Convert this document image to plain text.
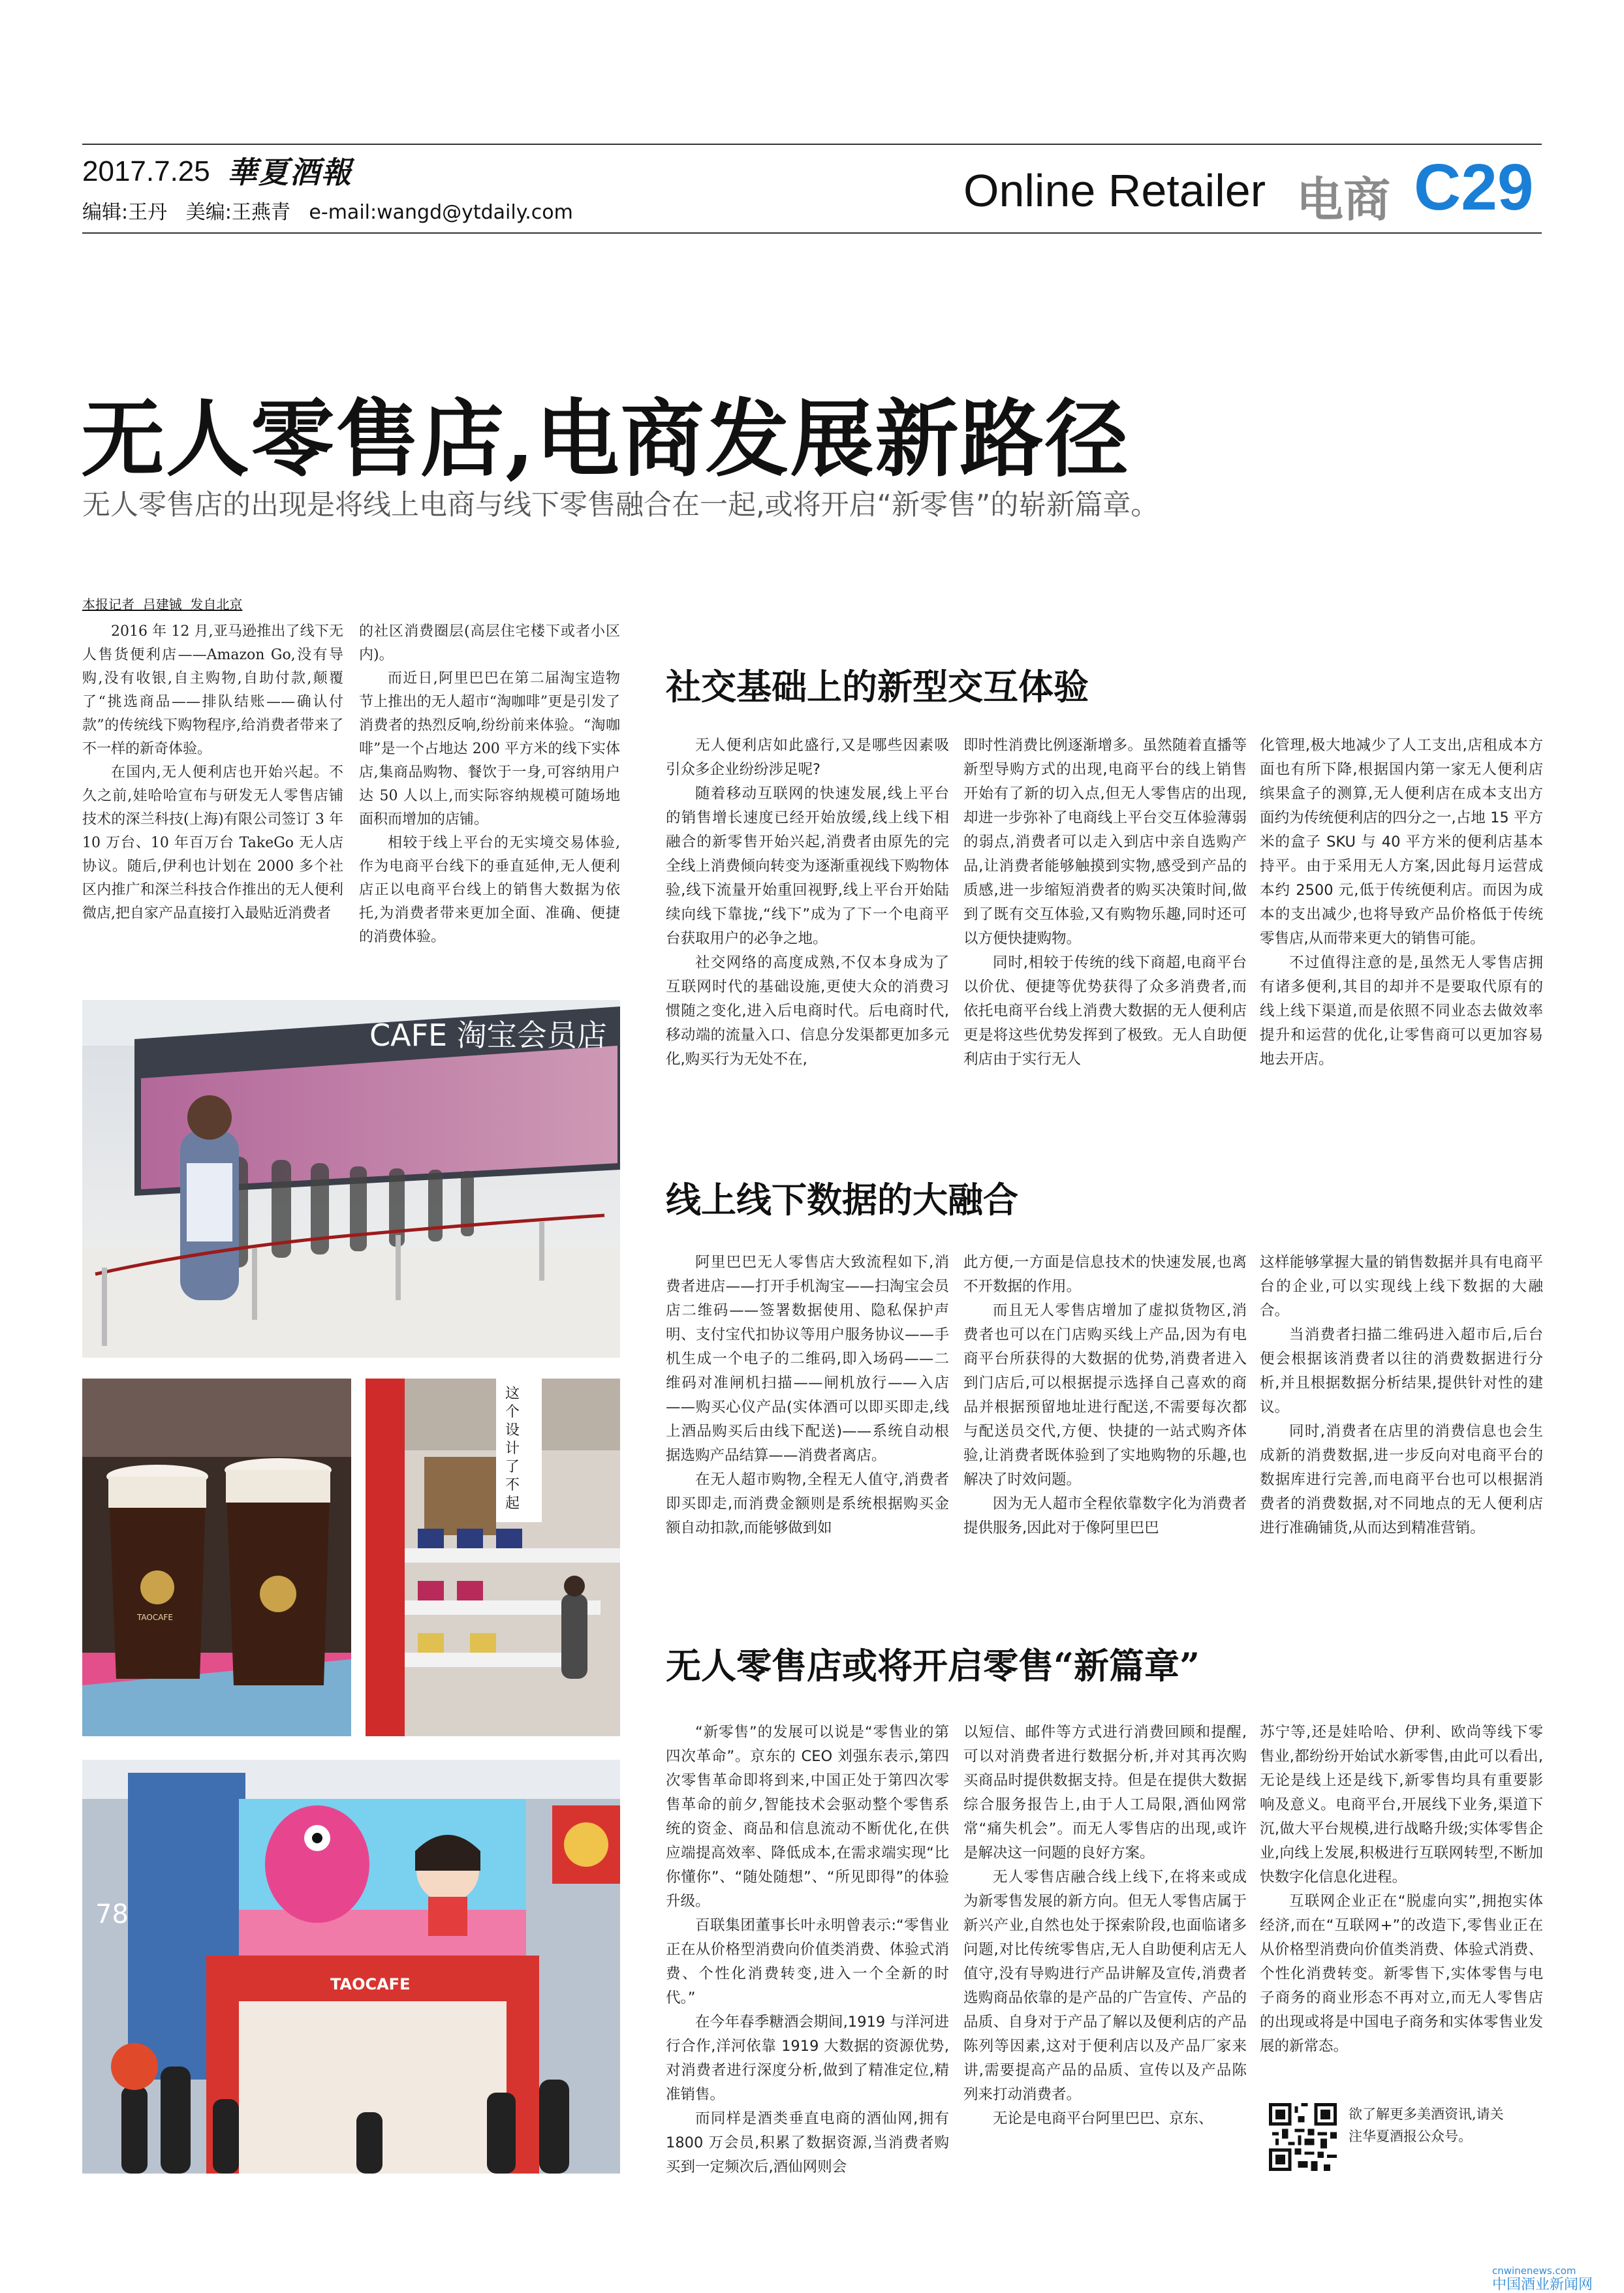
2017.7.25 華夏酒報
编辑:王丹   美编:王燕青   e-mail:wangd@ytdaily.com	Online Retailer 电商 C29
无人零售店,电商发展新路径
无人零售店的出现是将线上电商与线下零售融合在一起,或将开启“新零售”的崭新篇章。
本报记者  吕建铖  发自北京

2016 年 12 月,亚马逊推出了线下无人售货便利店——Amazon Go,没有导购,没有收银,自主购物,自助付款,颠覆了“挑选商品——排队结账——确认付款”的传统线下购物程序,给消费者带来了不一样的新奇体验。

在国内,无人便利店也开始兴起。不久之前,娃哈哈宣布与研发无人零售店铺技术的深兰科技(上海)有限公司签订 3 年 10 万台、10 年百万台 TakeGo 无人店协议。随后,伊利也计划在 2000 多个社区内推广和深兰科技合作推出的无人便利微店,把自家产品直接打入最贴近消费者

的社区消费圈层(高层住宅楼下或者小区内)。

而近日,阿里巴巴在第二届淘宝造物节上推出的无人超市“淘咖啡”更是引发了消费者的热烈反响,纷纷前来体验。“淘咖啡”是一个占地达 200 平方米的线下实体店,集商品购物、餐饮于一身,可容纳用户达 50 人以上,而实际容纳规模可随场地面积而增加的店铺。

相较于线上平台的无实境交易体验,作为电商平台线下的垂直延伸,无人便利店正以电商平台线上的销售大数据为依托,为消费者带来更加全面、准确、便捷的消费体验。

CAFE 淘宝会员店
TAOCAFE
这个设计了不起
TAOCAFE
78
社交基础上的新型交互体验

无人便利店如此盛行,又是哪些因素吸引众多企业纷纷涉足呢?

随着移动互联网的快速发展,线上平台的销售增长速度已经开始放缓,线上线下相融合的新零售开始兴起,消费者由原先的完全线上消费倾向转变为逐渐重视线下购物体验,线下流量开始重回视野,线上平台开始陆续向线下靠拢,“线下”成为了下一个电商平台获取用户的必争之地。

社交网络的高度成熟,不仅本身成为了互联网时代的基础设施,更使大众的消费习惯随之变化,进入后电商时代。后电商时代,移动端的流量入口、信息分发渠都更加多元化,购买行为无处不在,

即时性消费比例逐渐增多。虽然随着直播等新型导购方式的出现,电商平台的线上销售开始有了新的切入点,但无人零售店的出现,却进一步弥补了电商线上平台交互体验薄弱的弱点,消费者可以走入到店中亲自选购产品,让消费者能够触摸到实物,感受到产品的质感,进一步缩短消费者的购买决策时间,做到了既有交互体验,又有购物乐趣,同时还可以方便快捷购物。

同时,相较于传统的线下商超,电商平台以价优、便捷等优势获得了众多消费者,而依托电商平台线上消费大数据的无人便利店更是将这些优势发挥到了极致。无人自助便利店由于实行无人

化管理,极大地减少了人工支出,店租成本方面也有所下降,根据国内第一家无人便利店缤果盒子的测算,无人便利店在成本支出方面约为传统便利店的四分之一,占地 15 平方米的盒子 SKU 与 40 平方米的便利店基本持平。由于采用无人方案,因此每月运营成本约 2500 元,低于传统便利店。而因为成本的支出减少,也将导致产品价格低于传统零售店,从而带来更大的销售可能。

不过值得注意的是,虽然无人零售店拥有诸多便利,其目的却并不是要取代原有的线上线下渠道,而是依照不同业态去做效率提升和运营的优化,让零售商可以更加容易地去开店。

线上线下数据的大融合

阿里巴巴无人零售店大致流程如下,消费者进店——打开手机淘宝——扫淘宝会员店二维码——签署数据使用、隐私保护声明、支付宝代扣协议等用户服务协议——手机生成一个电子的二维码,即入场码——二维码对准闸机扫描——闸机放行——入店——购买心仪产品(实体酒可以即买即走,线上酒品购买后由线下配送)——系统自动根据选购产品结算——消费者离店。

在无人超市购物,全程无人值守,消费者即买即走,而消费金额则是系统根据购买金额自动扣款,而能够做到如

此方便,一方面是信息技术的快速发展,也离不开数据的作用。

而且无人零售店增加了虚拟货物区,消费者也可以在门店购买线上产品,因为有电商平台所获得的大数据的优势,消费者进入到门店后,可以根据提示选择自己喜欢的商品并根据预留地址进行配送,不需要每次都与配送员交代,方便、快捷的一站式购齐体验,让消费者既体验到了实地购物的乐趣,也解决了时效问题。

因为无人超市全程依靠数字化为消费者提供服务,因此对于像阿里巴巴

这样能够掌握大量的销售数据并具有电商平台的企业,可以实现线上线下数据的大融合。

当消费者扫描二维码进入超市后,后台便会根据该消费者以往的消费数据进行分析,并且根据数据分析结果,提供针对性的建议。

同时,消费者在店里的消费信息也会生成新的消费数据,进一步反向对电商平台的数据库进行完善,而电商平台也可以根据消费者的消费数据,对不同地点的无人便利店进行准确铺货,从而达到精准营销。

无人零售店或将开启零售“新篇章”

“新零售”的发展可以说是“零售业的第四次革命”。京东的 CEO 刘强东表示,第四次零售革命即将到来,中国正处于第四次零售革命的前夕,智能技术会驱动整个零售系统的资金、商品和信息流动不断优化,在供应端提高效率、降低成本,在需求端实现“比你懂你”、“随处随想”、“所见即得”的体验升级。

百联集团董事长叶永明曾表示:“零售业正在从价格型消费向价值类消费、体验式消费、个性化消费转变,进入一个全新的时代。”

在今年春季糖酒会期间,1919 与洋河进行合作,洋河依靠 1919 大数据的资源优势,对消费者进行深度分析,做到了精准定位,精准销售。

而同样是酒类垂直电商的酒仙网,拥有 1800 万会员,积累了数据资源,当消费者购买到一定频次后,酒仙网则会

以短信、邮件等方式进行消费回顾和提醒,可以对消费者进行数据分析,并对其再次购买商品时提供数据支持。但是在提供大数据综合服务报告上,由于人工局限,酒仙网常常“痛失机会”。而无人零售店的出现,或许是解决这一问题的良好方案。

无人零售店融合线上线下,在将来或成为新零售发展的新方向。但无人零售店属于新兴产业,自然也处于探索阶段,也面临诸多问题,对比传统零售店,无人自助便利店无人值守,没有导购进行产品讲解及宣传,消费者选购商品依靠的是产品的广告宣传、产品的品质、自身对于产品了解以及便利店的产品陈列等因素,这对于便利店以及产品厂家来讲,需要提高产品的品质、宣传以及产品陈列来打动消费者。

无论是电商平台阿里巴巴、京东、

苏宁等,还是娃哈哈、伊利、欧尚等线下零售业,都纷纷开始试水新零售,由此可以看出,无论是线上还是线下,新零售均具有重要影响及意义。电商平台,开展线下业务,渠道下沉,做大平台规模,进行战略升级;实体零售企业,向线上发展,积极进行互联网转型,不断加快数字化信息化进程。

互联网企业正在“脱虚向实”,拥抱实体经济,而在“互联网+”的改造下,零售业正在从价格型消费向价值类消费、体验式消费、个性化消费转变。新零售下,实体零售与电子商务的商业形态不再对立,而无人零售店的出现或将是中国电子商务和实体零售业发展的新常态。

欲了解更多美酒资讯,请关注华夏酒报公众号。
cnwinenews.com
中国酒业新闻网
